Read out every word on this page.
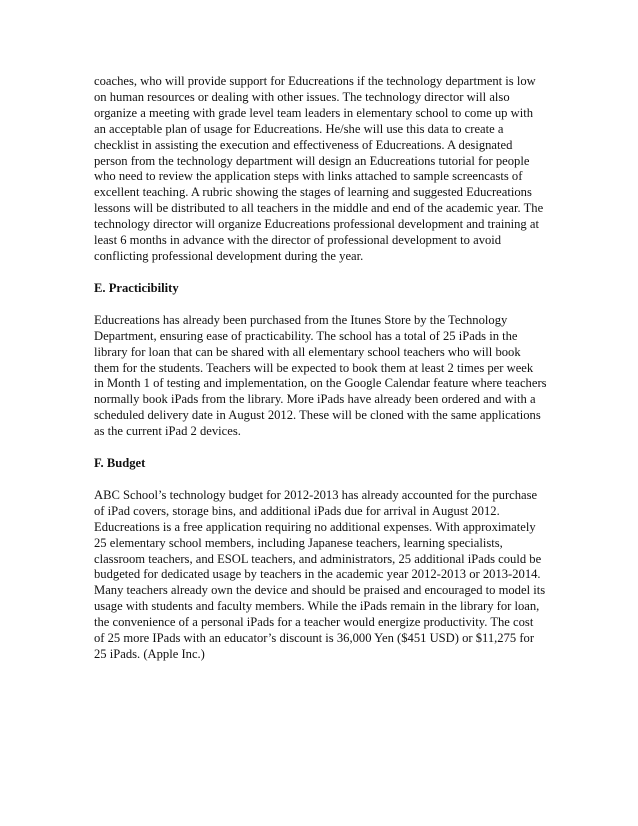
coaches, who will provide support for Educreations if the technology department is low
on human resources or dealing with other issues. The technology director will also
organize a meeting with grade level team leaders in elementary school to come up with
an acceptable plan of usage for Educreations. He/she will use this data to create a
checklist in assisting the execution and effectiveness of Educreations. A designated
person from the technology department will design an Educreations tutorial for people
who need to review the application steps with links attached to sample screencasts of
excellent teaching. A rubric showing the stages of learning and suggested Educreations
lessons will be distributed to all teachers in the middle and end of the academic year. The
technology director will organize Educreations professional development and training at
least 6 months in advance with the director of professional development to avoid
conflicting professional development during the year.

E. Practicibility

Educreations has already been purchased from the Itunes Store by the Technology
Department, ensuring ease of practicability. The school has a total of 25 iPads in the
library for loan that can be shared with all elementary school teachers who will book
them for the students. Teachers will be expected to book them at least 2 times per week
in Month 1 of testing and implementation, on the Google Calendar feature where teachers
normally book iPads from the library. More iPads have already been ordered and with a
scheduled delivery date in August 2012. These will be cloned with the same applications
as the current iPad 2 devices.

F. Budget

ABC School’s technology budget for 2012-2013 has already accounted for the purchase
of iPad covers, storage bins, and additional iPads due for arrival in August 2012.
Educreations is a free application requiring no additional expenses. With approximately
25 elementary school members, including Japanese teachers, learning specialists,
classroom teachers, and ESOL teachers, and administrators, 25 additional iPads could be
budgeted for dedicated usage by teachers in the academic year 2012-2013 or 2013-2014.
Many teachers already own the device and should be praised and encouraged to model its
usage with students and faculty members. While the iPads remain in the library for loan,
the convenience of a personal iPads for a teacher would energize productivity. The cost
of 25 more IPads with an educator’s discount is 36,000 Yen ($451 USD) or $11,275 for
25 iPads. (Apple Inc.)
